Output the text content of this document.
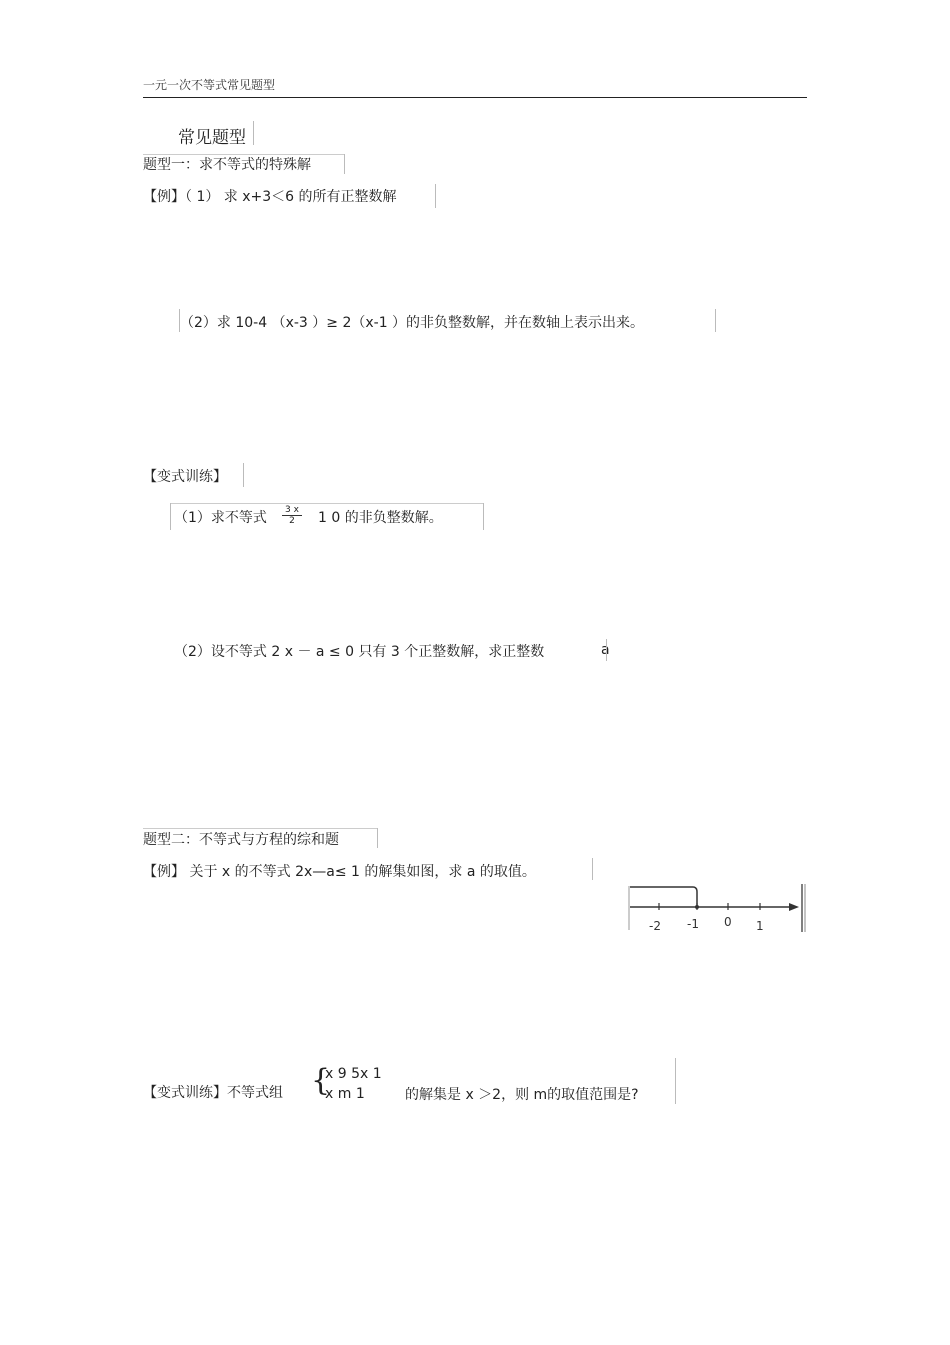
一元一次不等式常见题型
常见题型
题型一：求不等式的特殊解
【例】（ 1） 求 x+3＜6 的所有正整数解
（2）求 10-4 （x-3 ）≥ 2（x-1 ）的非负整数解，并在数轴上表示出来。
【变式训练】
（1）求不等式	3 x
2	1 0 的非负整数解。
（2）设不等式 2 x － a ≤ 0 只有 3 个正整数解，求正整数	a
题型二：不等式与方程的综和题
【例】 关于 x 的不等式 2x—a≤ 1 的解集如图，求 a 的取值。
-2 -1 0 1
【变式训练】不等式组 {
x 9 5x 1
x m 1	的解集是 x ＞2，则 m的取值范围是?
